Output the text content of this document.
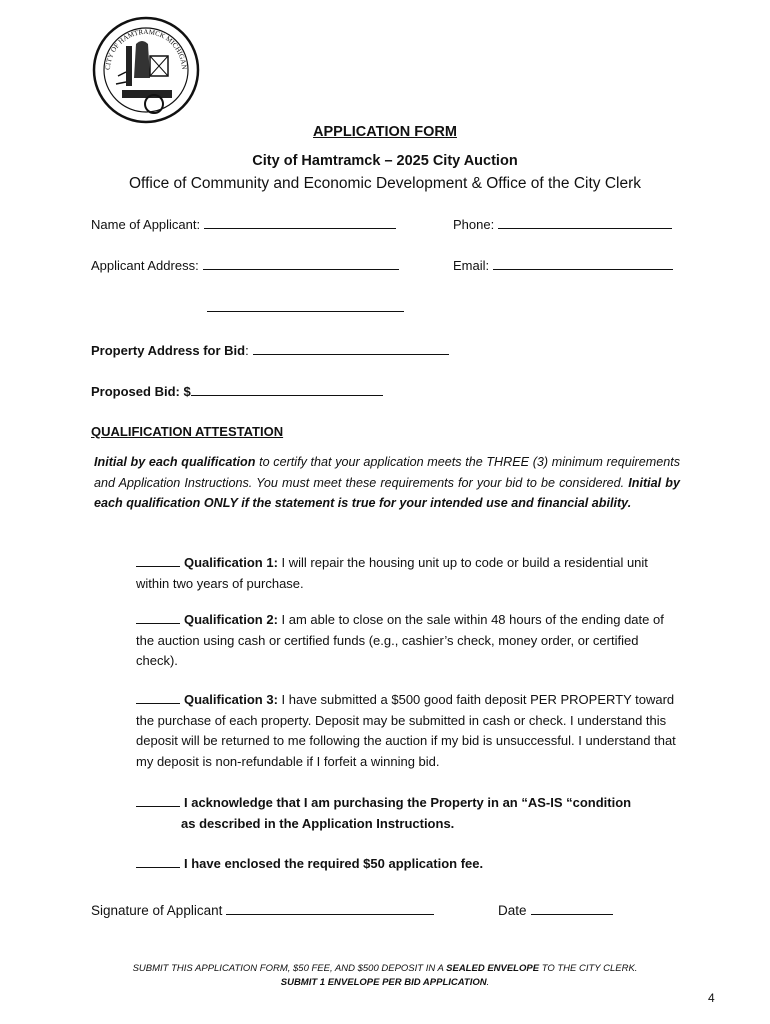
CITY OF HAMTRAMCK MICHIGAN
APPLICATION FORM
City of Hamtramck – 2025 City Auction
Office of Community and Economic Development & Office of the City Clerk
Name of Applicant:	Phone:
Applicant Address:	Email:
Property Address for Bid:
Proposed Bid: $
QUALIFICATION ATTESTATION
Initial by each qualification to certify that your application meets the THREE (3) minimum requirements and Application Instructions. You must meet these requirements for your bid to be considered. Initial by each qualification ONLY if the statement is true for your intended use and financial ability.
Qualification 1: I will repair the housing unit up to code or build a residential unit within two years of purchase.
Qualification 2: I am able to close on the sale within 48 hours of the ending date of the auction using cash or certified funds (e.g., cashier’s check, money order, or certified check).
Qualification 3: I have submitted a $500 good faith deposit PER PROPERTY toward the purchase of each property. Deposit may be submitted in cash or check. I understand this deposit will be returned to me following the auction if my bid is unsuccessful. I understand that my deposit is non-refundable if I forfeit a winning bid.
I acknowledge that I am purchasing the Property in an “AS-IS “condition
as described in the Application Instructions.
I have enclosed the required $50 application fee.
Signature of Applicant	Date
SUBMIT THIS APPLICATION FORM, $50 FEE, AND $500 DEPOSIT IN A SEALED ENVELOPE TO THE CITY CLERK.
SUBMIT 1 ENVELOPE PER BID APPLICATION.
4
